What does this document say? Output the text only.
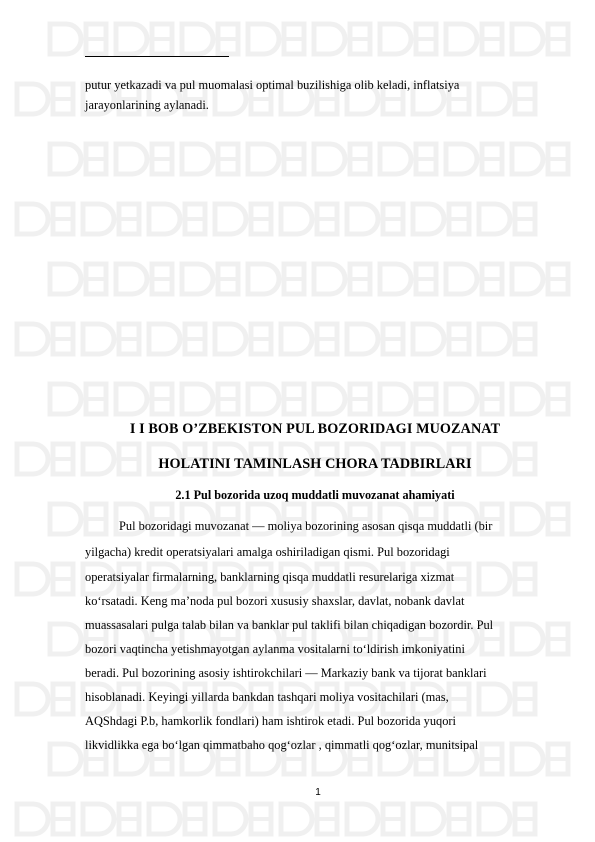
putur yetkazadi va pul muomalasi optimal buzilishiga olib keladi, inflatsiya
jarayonlarining aylanadi.
I I BOB O’ZBEKISTON PUL BOZORIDAGI MUOZANAT
HOLATINI TAMINLASH CHORA TADBIRLARI
2.1 Pul bozorida uzoq muddatli muvozanat ahamiyati
Pul bozoridagi muvozanat — moliya bozorining asosan qisqa muddatli (bir
yilgacha) kredit operatsiyalari amalga oshiriladigan qismi. Pul bozoridagi
operatsiyalar firmalarning, banklarning qisqa muddatli resurelariga xizmat
ko‘rsatadi. Keng ma’noda pul bozori xususiy shaxslar, davlat, nobank davlat
muassasalari pulga talab bilan va banklar pul taklifi bilan chiqadigan bozordir. Pul
bozori vaqtincha yetishmayotgan aylanma vositalarni to‘ldirish imkoniyatini
beradi. Pul bozorining asosiy ishtirokchilari — Markaziy bank va tijorat banklari
hisoblanadi. Keyingi yillarda bankdan tashqari moliya vositachilari (mas,
AQShdagi P.b, hamkorlik fondlari) ham ishtirok etadi. Pul bozorida yuqori
likvidlikka ega bo‘lgan qimmatbaho qog‘ozlar , qimmatli qog‘ozlar, munitsipal
1
